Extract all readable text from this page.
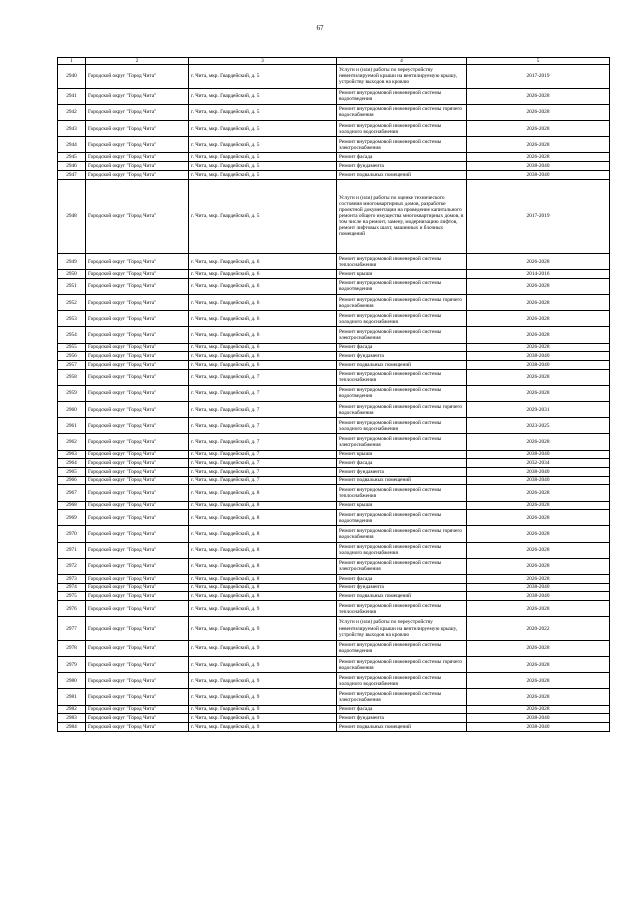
67
1	2	3	4	5
2940	Городской округ "Город Чита"	г. Чита, мкр. Гвардейский, д. 5	Услуги и (или) работы по переустройству невентилируемой крыши на вентилируемую крышу, устройству выходов на кровлю	2017-2019
2941	Городской округ "Город Чита"	г. Чита, мкр. Гвардейский, д. 5	Ремонт внутридомовой инженерной системы водоотведения	2026-2028
2942	Городской округ "Город Чита"	г. Чита, мкр. Гвардейский, д. 5	Ремонт внутридомовой инженерной системы горячего водоснабжения	2026-2028
2943	Городской округ "Город Чита"	г. Чита, мкр. Гвардейский, д. 5	Ремонт внутридомовой инженерной системы холодного водоснабжения	2026-2028
2944	Городской округ "Город Чита"	г. Чита, мкр. Гвардейский, д. 5	Ремонт внутридомовой инженерной системы электроснабжения	2026-2028
2945	Городской округ "Город Чита"	г. Чита, мкр. Гвардейский, д. 5	Ремонт фасада	2026-2028
2946	Городской округ "Город Чита"	г. Чита, мкр. Гвардейский, д. 5	Ремонт фундамента	2038-2040
2947	Городской округ "Город Чита"	г. Чита, мкр. Гвардейский, д. 5	Ремонт подвальных помещений	2038-2040
2948	Городской округ "Город Чита"	г. Чита, мкр. Гвардейский, д. 5	Услуги и (или) работы по оценке технического состояния многоквартирных домов, разработке проектной документации на проведение капитального ремонта общего имущества многоквартирных домов, в том числе на ремонт, замену, модернизацию лифтов, ремонт лифтовых шахт, машинных и блочных помещений	2017-2019
2949	Городской округ "Город Чита"	г. Чита, мкр. Гвардейский, д. 6	Ремонт внутридомовой инженерной системы теплоснабжения	2026-2028
2950	Городской округ "Город Чита"	г. Чита, мкр. Гвардейский, д. 6	Ремонт крыши	2014-2016
2951	Городской округ "Город Чита"	г. Чита, мкр. Гвардейский, д. 6	Ремонт внутридомовой инженерной системы водоотведения	2026-2028
2952	Городской округ "Город Чита"	г. Чита, мкр. Гвардейский, д. 6	Ремонт внутридомовой инженерной системы горячего водоснабжения	2026-2028
2953	Городской округ "Город Чита"	г. Чита, мкр. Гвардейский, д. 6	Ремонт внутридомовой инженерной системы холодного водоснабжения	2026-2028
2954	Городской округ "Город Чита"	г. Чита, мкр. Гвардейский, д. 6	Ремонт внутридомовой инженерной системы электроснабжения	2026-2028
2955	Городской округ "Город Чита"	г. Чита, мкр. Гвардейский, д. 6	Ремонт фасада	2026-2028
2956	Городской округ "Город Чита"	г. Чита, мкр. Гвардейский, д. 6	Ремонт фундамента	2038-2040
2957	Городской округ "Город Чита"	г. Чита, мкр. Гвардейский, д. 6	Ремонт подвальных помещений	2038-2040
2958	Городской округ "Город Чита"	г. Чита, мкр. Гвардейский, д. 7	Ремонт внутридомовой инженерной системы теплоснабжения	2026-2028
2959	Городской округ "Город Чита"	г. Чита, мкр. Гвардейский, д. 7	Ремонт внутридомовой инженерной системы водоотведения	2026-2028
2960	Городской округ "Город Чита"	г. Чита, мкр. Гвардейский, д. 7	Ремонт внутридомовой инженерной системы горячего водоснабжения	2029-2031
2961	Городской округ "Город Чита"	г. Чита, мкр. Гвардейский, д. 7	Ремонт внутридомовой инженерной системы холодного водоснабжения	2023-2025
2962	Городской округ "Город Чита"	г. Чита, мкр. Гвардейский, д. 7	Ремонт внутридомовой инженерной системы электроснабжения	2026-2028
2963	Городской округ "Город Чита"	г. Чита, мкр. Гвардейский, д. 7	Ремонт крыши	2038-2040
2964	Городской округ "Город Чита"	г. Чита, мкр. Гвардейский, д. 7	Ремонт фасада	2032-2034
2965	Городской округ "Город Чита"	г. Чита, мкр. Гвардейский, д. 7	Ремонт фундамента	2038-2040
2966	Городской округ "Город Чита"	г. Чита, мкр. Гвардейский, д. 7	Ремонт подвальных помещений	2038-2040
2967	Городской округ "Город Чита"	г. Чита, мкр. Гвардейский, д. 8	Ремонт внутридомовой инженерной системы теплоснабжения	2026-2028
2968	Городской округ "Город Чита"	г. Чита, мкр. Гвардейский, д. 8	Ремонт крыши	2026-2028
2969	Городской округ "Город Чита"	г. Чита, мкр. Гвардейский, д. 8	Ремонт внутридомовой инженерной системы водоотведения	2026-2028
2970	Городской округ "Город Чита"	г. Чита, мкр. Гвардейский, д. 8	Ремонт внутридомовой инженерной системы горячего водоснабжения	2026-2028
2971	Городской округ "Город Чита"	г. Чита, мкр. Гвардейский, д. 8	Ремонт внутридомовой инженерной системы холодного водоснабжения	2026-2028
2972	Городской округ "Город Чита"	г. Чита, мкр. Гвардейский, д. 8	Ремонт внутридомовой инженерной системы электроснабжения	2026-2028
2973	Городской округ "Город Чита"	г. Чита, мкр. Гвардейский, д. 8	Ремонт фасада	2026-2028
2974	Городской округ "Город Чита"	г. Чита, мкр. Гвардейский, д. 8	Ремонт фундамента	2038-2040
2975	Городской округ "Город Чита"	г. Чита, мкр. Гвардейский, д. 8	Ремонт подвальных помещений	2038-2040
2976	Городской округ "Город Чита"	г. Чита, мкр. Гвардейский, д. 9	Ремонт внутридомовой инженерной системы теплоснабжения	2026-2028
2977	Городской округ "Город Чита"	г. Чита, мкр. Гвардейский, д. 9	Услуги и (или) работы по переустройству невентилируемой крыши на вентилируемую крышу, устройству выходов на кровлю	2020-2022
2978	Городской округ "Город Чита"	г. Чита, мкр. Гвардейский, д. 9	Ремонт внутридомовой инженерной системы водоотведения	2026-2028
2979	Городской округ "Город Чита"	г. Чита, мкр. Гвардейский, д. 9	Ремонт внутридомовой инженерной системы горячего водоснабжения	2026-2028
2980	Городской округ "Город Чита"	г. Чита, мкр. Гвардейский, д. 9	Ремонт внутридомовой инженерной системы холодного водоснабжения	2026-2028
2981	Городской округ "Город Чита"	г. Чита, мкр. Гвардейский, д. 9	Ремонт внутридомовой инженерной системы электроснабжения	2026-2028
2982	Городской округ "Город Чита"	г. Чита, мкр. Гвардейский, д. 9	Ремонт фасада	2026-2028
2983	Городской округ "Город Чита"	г. Чита, мкр. Гвардейский, д. 9	Ремонт фундамента	2038-2040
2984	Городской округ "Город Чита"	г. Чита, мкр. Гвардейский, д. 9	Ремонт подвальных помещений	2038-2040
